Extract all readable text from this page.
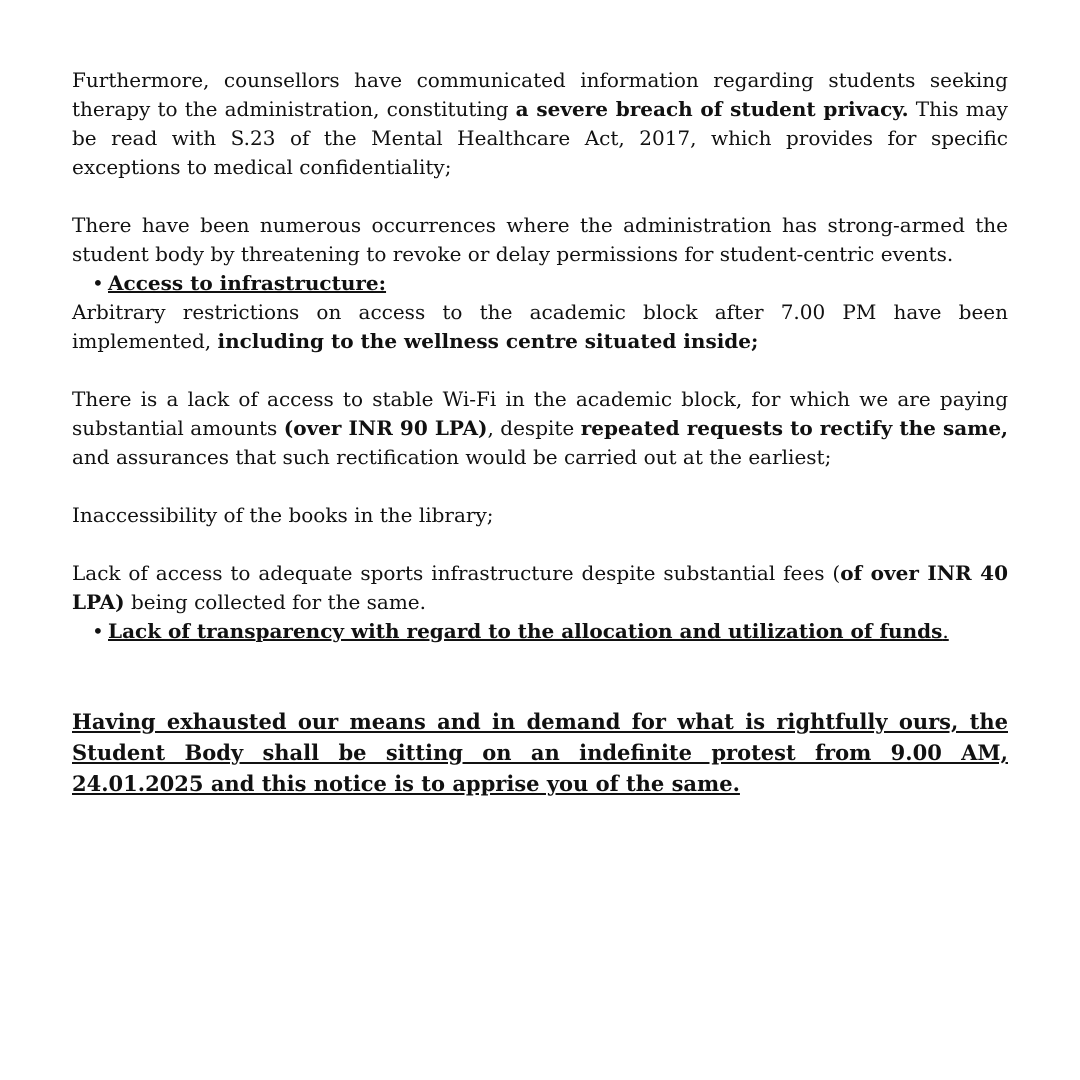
Furthermore, counsellors have communicated information regarding students seeking therapy to the administration, constituting a severe breach of student privacy. This may be read with S.23 of the Mental Healthcare Act, 2017, which provides for specific exceptions to medical confidentiality;

There have been numerous occurrences where the administration has strong-armed the student body by threatening to revoke or delay permissions for student-centric events.

• Access to infrastructure:

Arbitrary restrictions on access to the academic block after 7.00 PM have been implemented, including to the wellness centre situated inside;

There is a lack of access to stable Wi-Fi in the academic block, for which we are paying substantial amounts (over INR 90 LPA), despite repeated requests to rectify the same, and assurances that such rectification would be carried out at the earliest;

Inaccessibility of the books in the library;

Lack of access to adequate sports infrastructure despite substantial fees (of over INR 40 LPA) being collected for the same.

• Lack of transparency with regard to the allocation and utilization of funds.

Having exhausted our means and in demand for what is rightfully ours, the Student Body shall be sitting on an indefinite protest from 9.00 AM, 24.01.2025 and this notice is to apprise you of the same.
